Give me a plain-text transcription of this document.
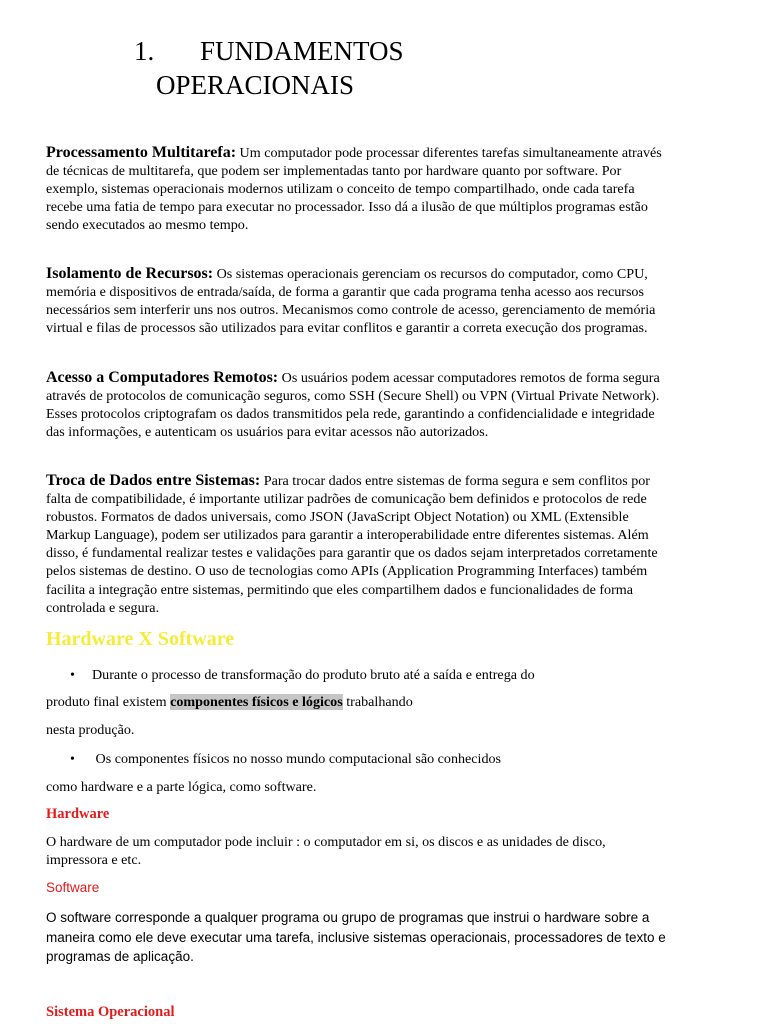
1. FUNDAMENTOS
OPERACIONAIS
Processamento Multitarefa: Um computador pode processar diferentes tarefas simultaneamente através de técnicas de multitarefa, que podem ser implementadas tanto por hardware quanto por software. Por exemplo, sistemas operacionais modernos utilizam o conceito de tempo compartilhado, onde cada tarefa recebe uma fatia de tempo para executar no processador. Isso dá a ilusão de que múltiplos programas estão sendo executados ao mesmo tempo.
Isolamento de Recursos: Os sistemas operacionais gerenciam os recursos do computador, como CPU, memória e dispositivos de entrada/saída, de forma a garantir que cada programa tenha acesso aos recursos necessários sem interferir uns nos outros. Mecanismos como controle de acesso, gerenciamento de memória virtual e filas de processos são utilizados para evitar conflitos e garantir a correta execução dos programas.
Acesso a Computadores Remotos: Os usuários podem acessar computadores remotos de forma segura através de protocolos de comunicação seguros, como SSH (Secure Shell) ou VPN (Virtual Private Network). Esses protocolos criptografam os dados transmitidos pela rede, garantindo a confidencialidade e integridade das informações, e autenticam os usuários para evitar acessos não autorizados.
Troca de Dados entre Sistemas: Para trocar dados entre sistemas de forma segura e sem conflitos por falta de compatibilidade, é importante utilizar padrões de comunicação bem definidos e protocolos de rede robustos. Formatos de dados universais, como JSON (JavaScript Object Notation) ou XML (Extensible Markup Language), podem ser utilizados para garantir a interoperabilidade entre diferentes sistemas. Além disso, é fundamental realizar testes e validações para garantir que os dados sejam interpretados corretamente pelos sistemas de destino. O uso de tecnologias como APIs (Application Programming Interfaces) também facilita a integração entre sistemas, permitindo que eles compartilhem dados e funcionalidades de forma controlada e segura.
Hardware X Software
• Durante o processo de transformação do produto bruto até a saída e entrega do
produto final existem componentes físicos e lógicos trabalhando
nesta produção.
• Os componentes físicos no nosso mundo computacional são conhecidos
como hardware e a parte lógica, como software.
Hardware
O hardware de um computador pode incluir : o computador em si, os discos e as unidades de disco, impressora e etc.
Software
O software corresponde a qualquer programa ou grupo de programas que instrui o hardware sobre a maneira como ele deve executar uma tarefa, inclusive sistemas operacionais, processadores de texto e programas de aplicação.
Sistema Operacional
